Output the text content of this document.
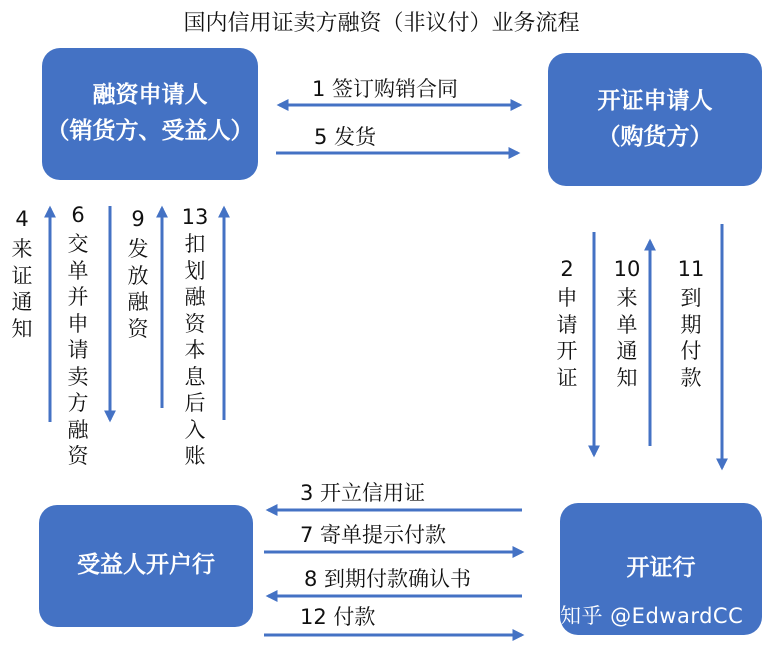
国内信用证卖方融资（非议付）业务流程
融资申请人
（销货方、受益人）
开证申请人
（购货方）
受益人开户行	开证行
1 签订购销合同
5 发货
4
来证通知
6
交单并申请卖方融资
9
发放融资
13
扣划融资本息后入账
2
申请开证
10
来单通知
11
到期付款
3 开立信用证
7 寄单提示付款
8 到期付款确认书
12 付款	知乎 @EdwardCC
